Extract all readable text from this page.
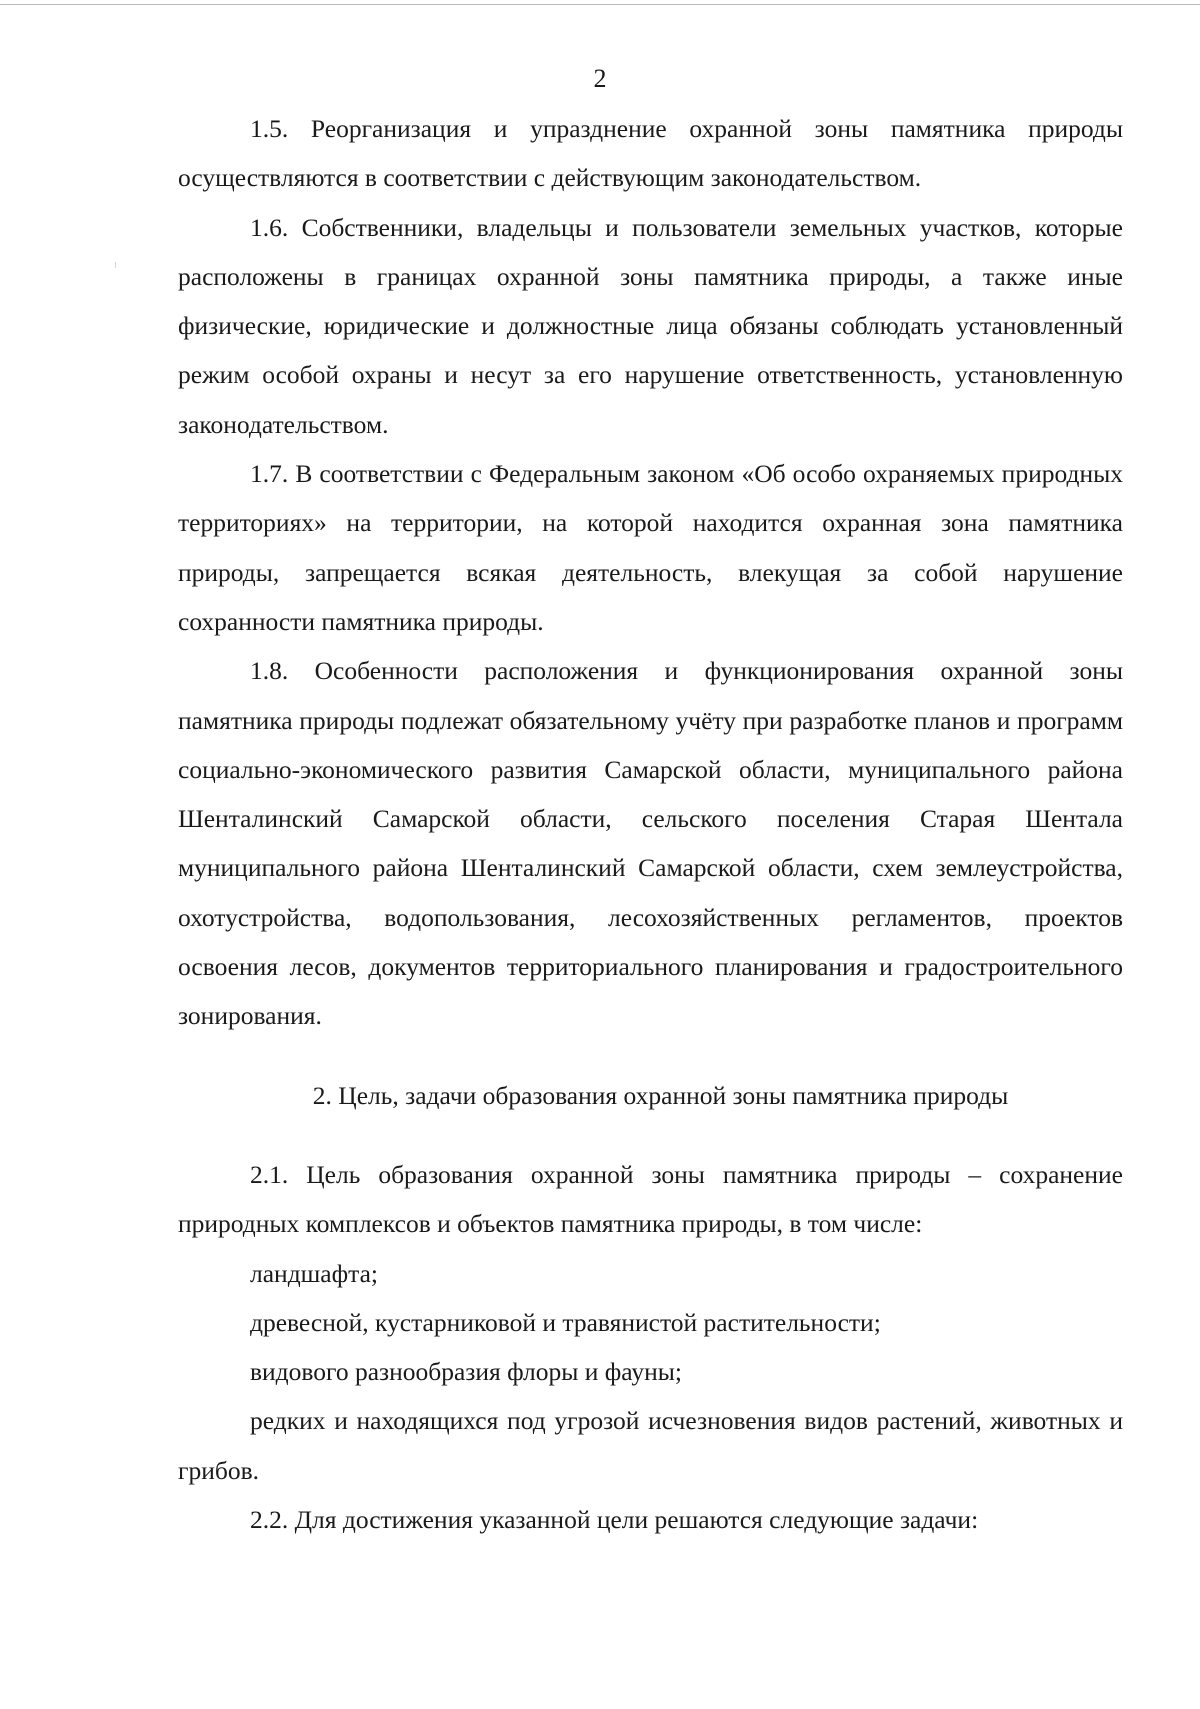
2

1.5. Реорганизация и упразднение охранной зоны памятника природы осуществляются в соответствии с действующим законодательством.

1.6. Собственники, владельцы и пользователи земельных участков, которые расположены в границах охранной зоны памятника природы, а также иные физические, юридические и должностные лица обязаны соблюдать установленный режим особой охраны и несут за его нарушение ответственность, установленную законодательством.

1.7. В соответствии с Федеральным законом «Об особо охраняемых природных территориях» на территории, на которой находится охранная зона памятника природы, запрещается всякая деятельность, влекущая за собой нарушение сохранности памятника природы.

1.8. Особенности расположения и функционирования охранной зоны памятника природы подлежат обязательному учёту при разработке планов и программ социально-экономического развития Самарской области, муниципального района Шенталинский Самарской области, сельского поселения Старая Шентала муниципального района Шенталинский Самарской области, схем землеустройства, охотустройства, водопользования, лесохозяйственных регламентов, проектов освоения лесов, документов территориального планирования и градостроительного зонирования.

2. Цель, задачи образования охранной зоны памятника природы

2.1. Цель образования охранной зоны памятника природы – сохранение природных комплексов и объектов памятника природы, в том числе:

ландшафта;

древесной, кустарниковой и травянистой растительности;

видового разнообразия флоры и фауны;

редких и находящихся под угрозой исчезновения видов растений, животных и грибов.

2.2. Для достижения указанной цели решаются следующие задачи:
